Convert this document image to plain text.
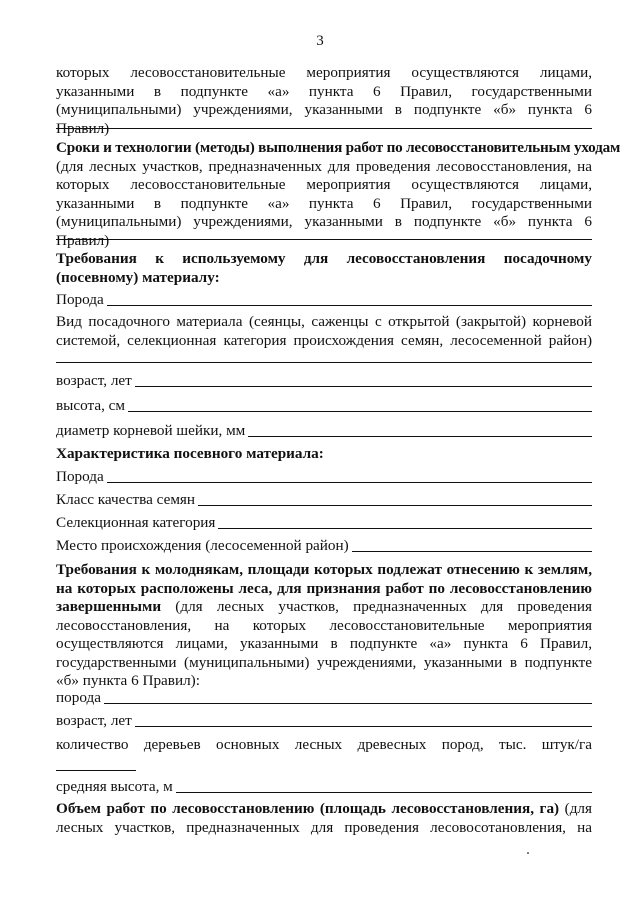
3
которых лесовосстановительные мероприятия осуществляются лицами,
указанными в подпункте «а» пункта 6 Правил, государственными
(муниципальными) учреждениями, указанными в подпункте «б» пункта 6 Правил)
Сроки и технологии (методы) выполнения работ по лесовосстановительным уходам
(для лесных участков, предназначенных для проведения лесовосстановления, на
которых лесовосстановительные мероприятия осуществляются лицами,
указанными в подпункте «а» пункта 6 Правил, государственными
(муниципальными) учреждениями, указанными в подпункте «б» пункта 6 Правил)
Требования к используемому для лесовосстановления посадочному
(посевному) материалу:
Порода
Вид посадочного материала (сеянцы, саженцы с открытой (закрытой) корневой
системой, селекционная категория происхождения семян, лесосеменной район)
возраст, лет
высота, см
диаметр корневой шейки, мм
Характеристика посевного материала:
Порода
Класс качества семян
Селекционная категория
Место происхождения (лесосеменной район)
Требования к молоднякам, площади которых подлежат отнесению к землям,
на которых расположены леса, для признания работ по лесовосстановлению
завершенными (для лесных участков, предназначенных для проведения
лесовосстановления, на которых лесовосстановительные мероприятия
осуществляются лицами, указанными в подпункте «а» пункта 6 Правил,
государственными (муниципальными) учреждениями, указанными в подпункте
«б» пункта 6 Правил):
порода
возраст, лет
количество деревьев основных лесных древесных пород, тыс. штук/га
средняя высота, м
Объем работ по лесовосстановлению (площадь лесовосстановления, га) (для
лесных участков, предназначенных для проведения лесовосотановления, на
